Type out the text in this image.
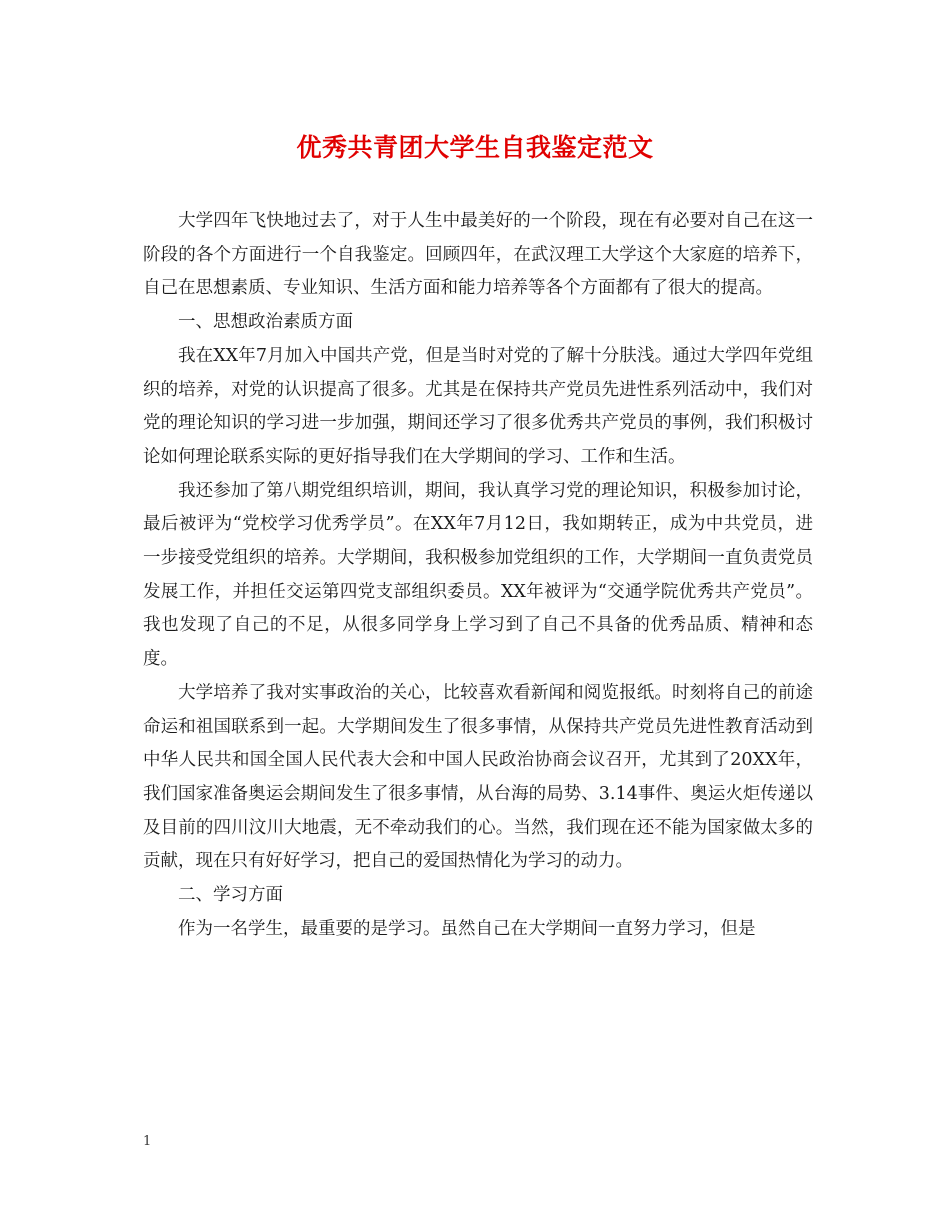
优秀共青团大学生自我鉴定范文

大学四年飞快地过去了，对于人生中最美好的一个阶段，现在有必要对自己在这一阶段的各个方面进行一个自我鉴定。回顾四年，在武汉理工大学这个大家庭的培养下，自己在思想素质、专业知识、生活方面和能力培养等各个方面都有了很大的提高。

一、思想政治素质方面

我在XX年7月加入中国共产党，但是当时对党的了解十分肤浅。通过大学四年党组织的培养，对党的认识提高了很多。尤其是在保持共产党员先进性系列活动中，我们对党的理论知识的学习进一步加强，期间还学习了很多优秀共产党员的事例，我们积极讨论如何理论联系实际的更好指导我们在大学期间的学习、工作和生活。

我还参加了第八期党组织培训，期间，我认真学习党的理论知识，积极参加讨论，最后被评为“党校学习优秀学员”。在XX年7月12日，我如期转正，成为中共党员，进一步接受党组织的培养。大学期间，我积极参加党组织的工作，大学期间一直负责党员发展工作，并担任交运第四党支部组织委员。XX年被评为“交通学院优秀共产党员”。我也发现了自己的不足，从很多同学身上学习到了自己不具备的优秀品质、精神和态度。

大学培养了我对实事政治的关心，比较喜欢看新闻和阅览报纸。时刻将自己的前途命运和祖国联系到一起。大学期间发生了很多事情，从保持共产党员先进性教育活动到中华人民共和国全国人民代表大会和中国人民政治协商会议召开，尤其到了20XX年，我们国家准备奥运会期间发生了很多事情，从台海的局势、3.14事件、奥运火炬传递以及目前的四川汶川大地震，无不牵动我们的心。当然，我们现在还不能为国家做太多的贡献，现在只有好好学习，把自己的爱国热情化为学习的动力。

二、学习方面

作为一名学生，最重要的是学习。虽然自己在大学期间一直努力学习，但是

1
